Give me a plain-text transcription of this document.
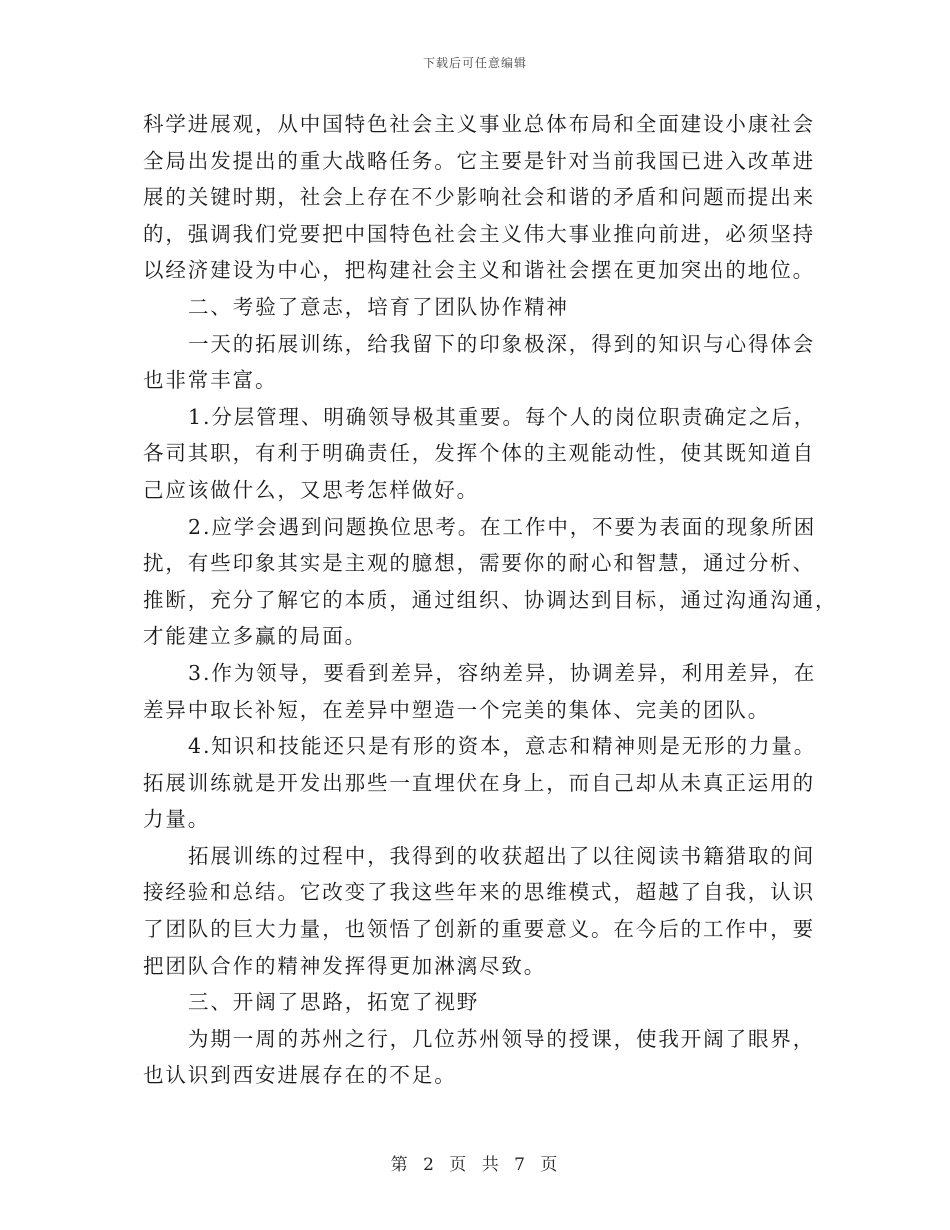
下载后可任意编辑
科学进展观，从中国特色社会主义事业总体布局和全面建设小康社会
全局出发提出的重大战略任务。它主要是针对当前我国已进入改革进
展的关键时期，社会上存在不少影响社会和谐的矛盾和问题而提出来
的，强调我们党要把中国特色社会主义伟大事业推向前进，必须坚持
以经济建设为中心，把构建社会主义和谐社会摆在更加突出的地位。
二、考验了意志，培育了团队协作精神
一天的拓展训练，给我留下的印象极深，得到的知识与心得体会
也非常丰富。
1.分层管理、明确领导极其重要。每个人的岗位职责确定之后，
各司其职，有利于明确责任，发挥个体的主观能动性，使其既知道自
己应该做什么，又思考怎样做好。
2.应学会遇到问题换位思考。在工作中，不要为表面的现象所困
扰，有些印象其实是主观的臆想，需要你的耐心和智慧，通过分析、
推断，充分了解它的本质，通过组织、协调达到目标，通过沟通沟通，
才能建立多赢的局面。
3.作为领导，要看到差异，容纳差异，协调差异，利用差异，在
差异中取长补短，在差异中塑造一个完美的集体、完美的团队。
4.知识和技能还只是有形的资本，意志和精神则是无形的力量。
拓展训练就是开发出那些一直埋伏在身上，而自己却从未真正运用的
力量。
拓展训练的过程中，我得到的收获超出了以往阅读书籍猎取的间
接经验和总结。它改变了我这些年来的思维模式，超越了自我，认识
了团队的巨大力量，也领悟了创新的重要意义。在今后的工作中，要
把团队合作的精神发挥得更加淋漓尽致。
三、开阔了思路，拓宽了视野
为期一周的苏州之行，几位苏州领导的授课，使我开阔了眼界，
也认识到西安进展存在的不足。
第 2 页 共 7 页
